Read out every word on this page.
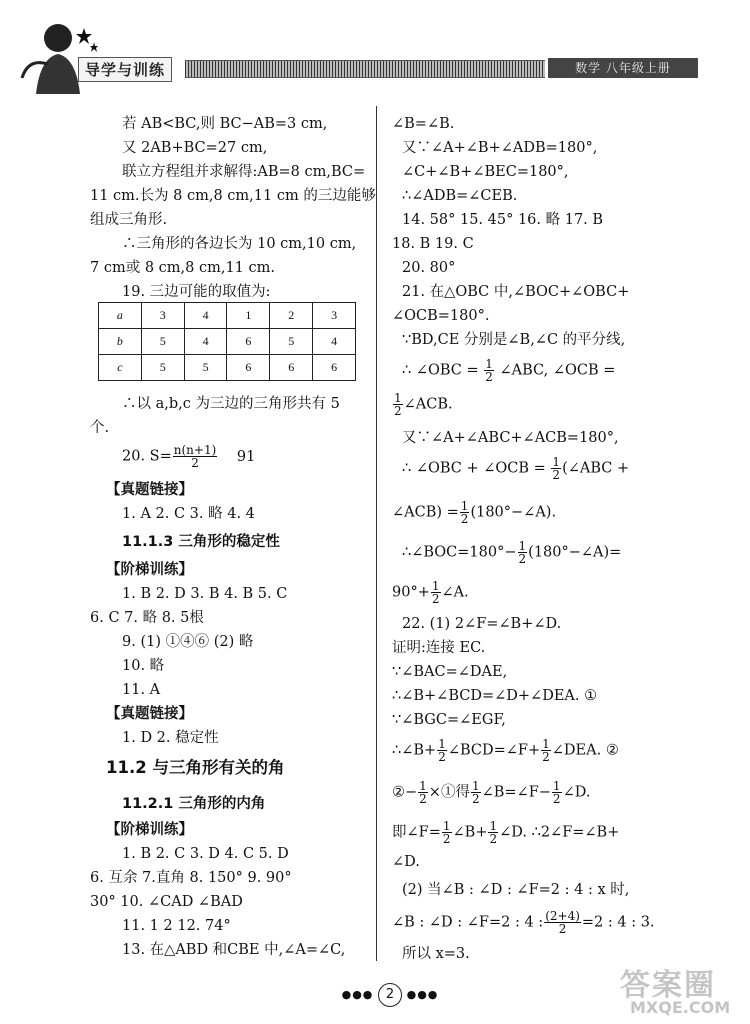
导学与训练	数学 八年级上册
若 AB<BC,则 BC−AB=3 cm,
又 2AB+BC=27 cm,
联立方程组并求解得:AB=8 cm,BC=
11 cm.长为 8 cm,8 cm,11 cm 的三边能够
组成三角形.
∴三角形的各边长为 10 cm,10 cm,
7 cm或 8 cm,8 cm,11 cm.
19. 三边可能的取值为:
a	3	4	1	2	3
b	5	4	6	5	4
c	5	5	6	6	6
∴以 a,b,c 为三边的三角形共有 5
个.
20. $S= \frac{n(n+1)}{2} 91$
【真题链接】
1. A 2. C 3. 略 4. 4
11.1.3 三角形的稳定性
【阶梯训练】
1. B 2. D 3. B 4. B 5. C
6. C 7. 略 8. 5根
9. (1) ①④⑥ (2) 略
10. 略
11. A
【真题链接】
1. D 2. 稳定性
11.2 与三角形有关的角
11.2.1 三角形的内角
【阶梯训练】
1. B 2. C 3. D 4. C 5. D
6. 互余 7.直角 8. 150° 9. 90°
30° 10. ∠CAD ∠BAD
11. 1 2 12. 74°
13. 在△ABD 和CBE 中,∠A=∠C,
∠B=∠B.
又∵∠A+∠B+∠ADB=180°,
∠C+∠B+∠BEC=180°,
∴∠ADB=∠CEB.
14. 58° 15. 45° 16. 略 17. B
18. B 19. C
20. 80°
21. 在△OBC 中,∠BOC+∠OBC+
∠OCB=180°.
∵BD,CE 分别是∠B,∠C 的平分线,
∴ ∠OBC = $\frac{1}{2}$ ∠ABC, ∠OCB =
$\frac{1}{2}$ ∠ACB.
又∵∠A+∠ABC+∠ACB=180°,
∴ ∠OBC + ∠OCB = $\frac{1}{2}$ (∠ABC +
∠ACB) = $\frac{1}{2}$ (180°−∠A).
∴∠BOC=180°− $\frac{1}{2}$ (180°−∠A)=
$90^\circ+ \frac{1}{2}$ ∠A.
22. (1) 2∠F=∠B+∠D.
证明:连接 EC.
∵∠BAC=∠DAE,
∴∠B+∠BCD=∠D+∠DEA. ①
∵∠BGC=∠EGF,
∴∠B+ $\frac{1}{2}$ ∠BCD=∠F+ $\frac{1}{2}$ ∠DEA. ②
②− $\frac{1}{2}$ ×①得 $\frac{1}{2}$ ∠B=∠F− $\frac{1}{2}$ ∠D.
即∠F= $\frac{1}{2}$ ∠B+ $\frac{1}{2}$ ∠D. ∴2∠F=∠B+
∠D.
(2) 当∠B : ∠D : ∠F=2 : 4 : x 时,
∠B : ∠D : ∠F=2 : 4 : $\frac{(2+4)}{2} =2$ : 4 : 3.
所以 x=3.
●●● 2 ●●●	答案圈
MXQE.COM
